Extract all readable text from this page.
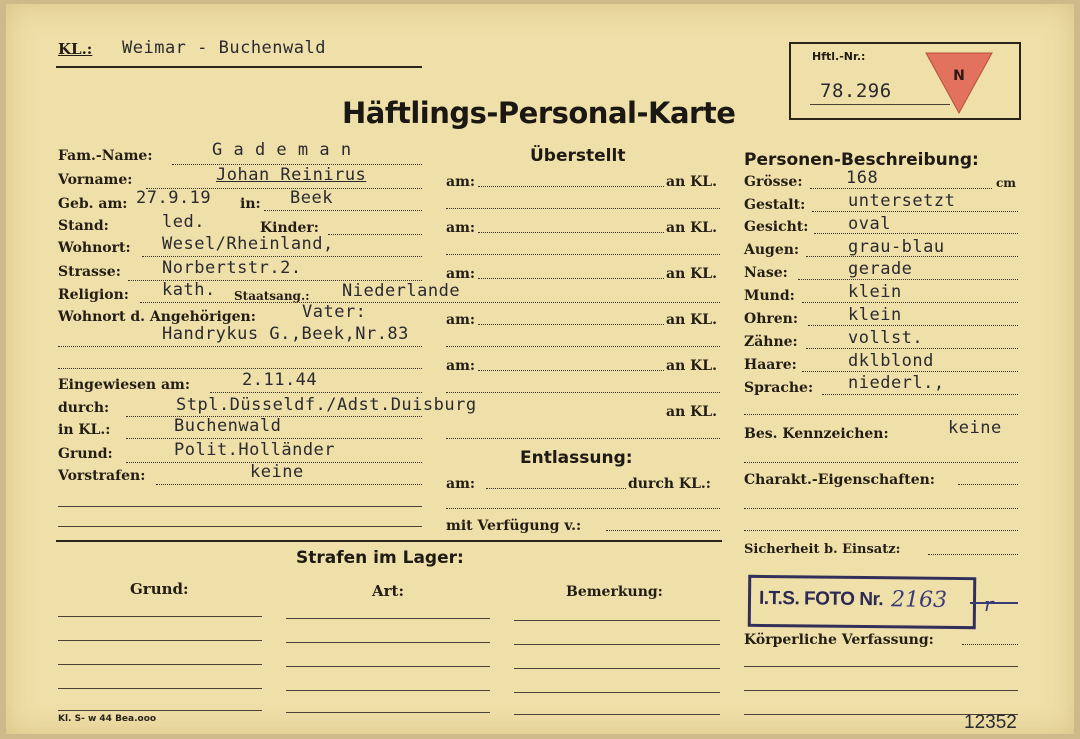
KL.: Weimar - Buchenwald
Häftlings-Personal-Karte
Hftl.-Nr.:
78.296
N
Fam.-Name:	G a d e m a n
Vorname:	Johan Reinirus
Geb. am: 27.9.19 in: Beek
Stand:	led.	Kinder:
Wohnort: Wesel/Rheinland,
Strasse: Norbertstr.2.
Religion: kath. Staatsang.: Niederlande
Wohnort d. Angehörigen:	Vater:
Handrykus G.,Beek,Nr.83
Eingewiesen am:	2.11.44
durch:	Stpl.Düsseldf./Adst.Duisburg
in KL.:	Buchenwald
Grund:	Polit.Holländer
Vorstrafen:	keine
Überstellt
am:	an KL.
am:	an KL.
am:	an KL.
am:	an KL.
am:	an KL.
an KL.
Entlassung:
am:	durch KL.:
mit Verfügung v.:
Strafen im Lager:
Grund:	Art:	Bemerkung:
Personen-Beschreibung:
Grösse:	168	cm
Gestalt:	untersetzt
Gesicht: oval
Augen:	grau-blau
Nase:	gerade
Mund:	klein
Ohren:	klein
Zähne:	vollst.
Haare:	dklblond
Sprache: niederl.,
Bes. Kennzeichen:	keine
Charakt.-Eigenschaften:
Sicherheit b. Einsatz:
I.T.S. FOTO Nr. 2163 r
Körperliche Verfassung:
Kl. S- w 44 Bea.ooo	12352
